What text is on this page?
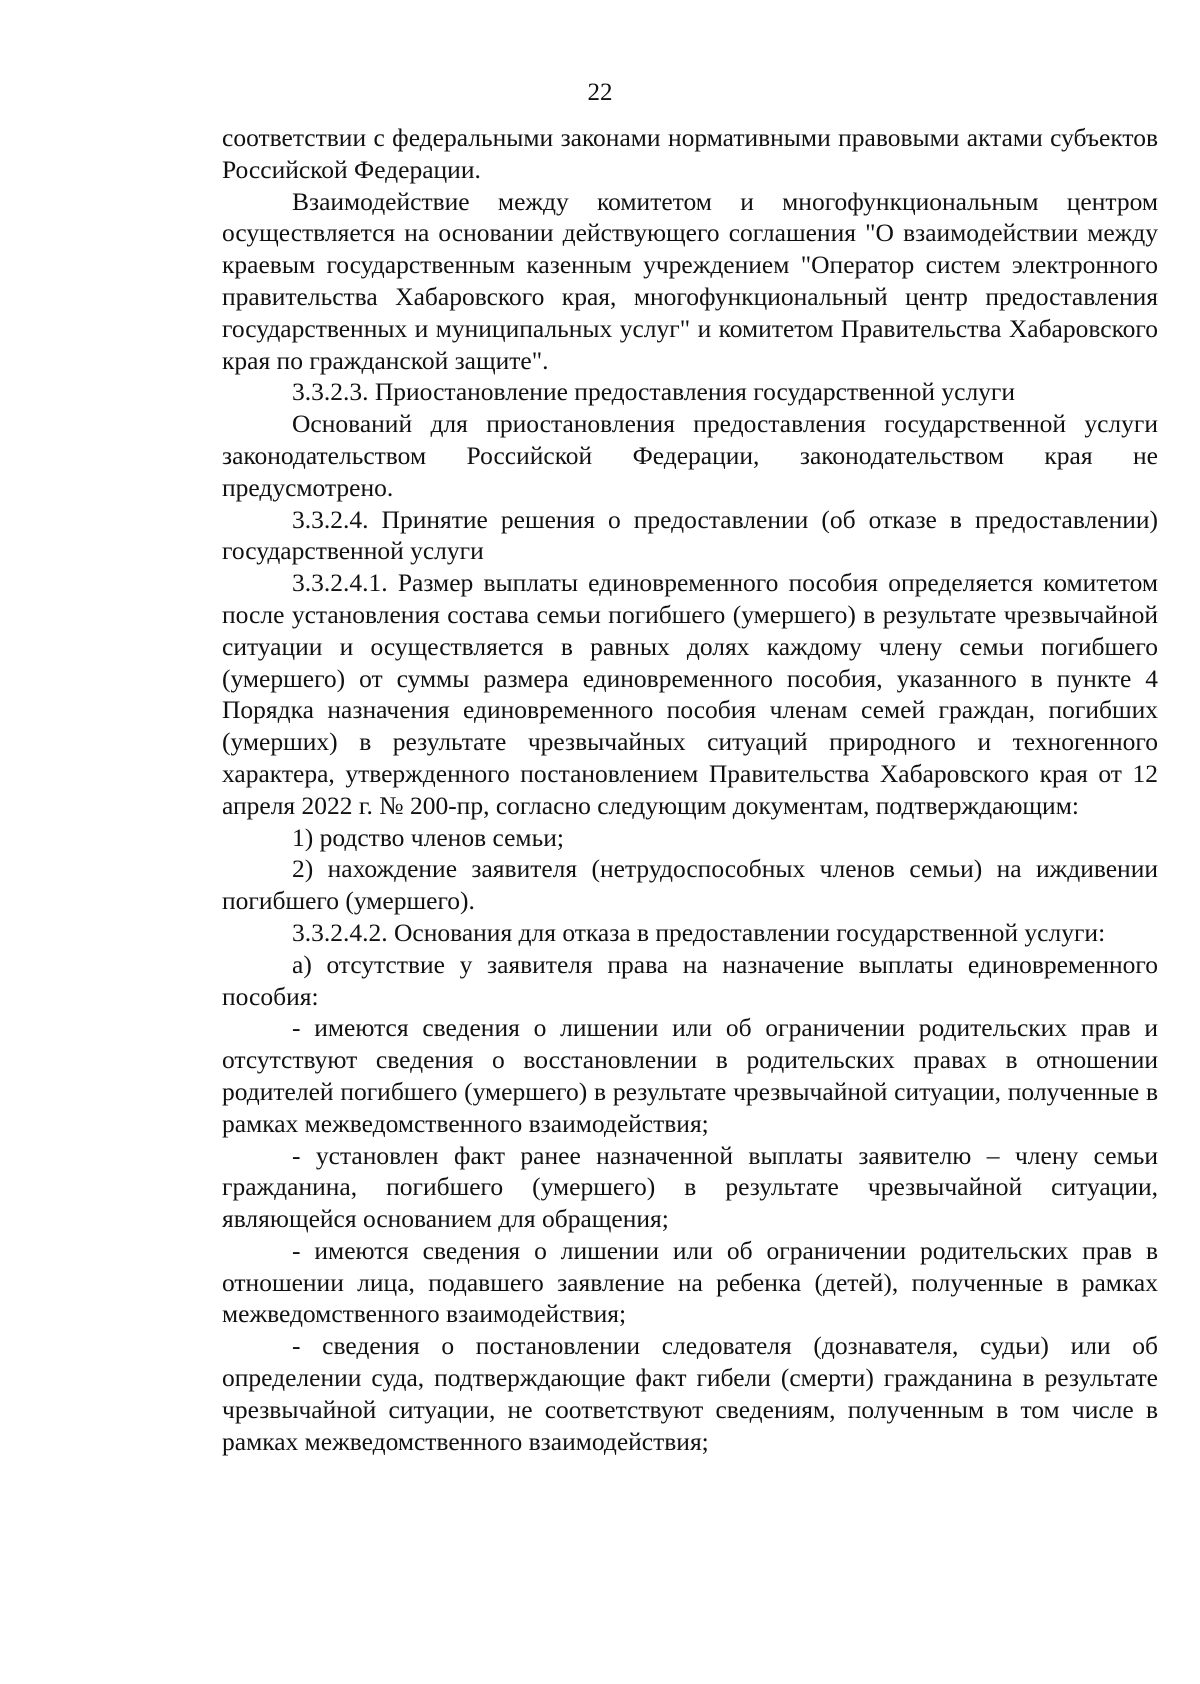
22

соответствии с федеральными законами нормативными правовыми актами субъектов Российской Федерации.

Взаимодействие между комитетом и многофункциональным центром осуществляется на основании действующего соглашения "О взаимодействии между краевым государственным казенным учреждением "Оператор систем электронного правительства Хабаровского края, многофункциональный центр предоставления государственных и муниципальных услуг" и комитетом Правительства Хабаровского края по гражданской защите".

3.3.2.3. Приостановление предоставления государственной услуги

Оснований для приостановления предоставления государственной услуги законодательством Российской Федерации, законодательством края не предусмотрено.

3.3.2.4. Принятие решения о предоставлении (об отказе в предоставлении) государственной услуги

3.3.2.4.1. Размер выплаты единовременного пособия определяется комитетом после установления состава семьи погибшего (умершего) в результате чрезвычайной ситуации и осуществляется в равных долях каждому члену семьи погибшего (умершего) от суммы размера единовременного пособия, указанного в пункте 4 Порядка назначения единовременного пособия членам семей граждан, погибших (умерших) в результате чрезвычайных ситуаций природного и техногенного характера, утвержденного постановлением Правительства Хабаровского края от 12 апреля 2022 г. № 200-пр, согласно следующим документам, подтверждающим:

1) родство членов семьи;

2) нахождение заявителя (нетрудоспособных членов семьи) на иждивении погибшего (умершего).

3.3.2.4.2. Основания для отказа в предоставлении государственной услуги:

а) отсутствие у заявителя права на назначение выплаты единовременного пособия:

- имеются сведения о лишении или об ограничении родительских прав и отсутствуют сведения о восстановлении в родительских правах в отношении родителей погибшего (умершего) в результате чрезвычайной ситуации, полученные в рамках межведомственного взаимодействия;

- установлен факт ранее назначенной выплаты заявителю – члену семьи гражданина, погибшего (умершего) в результате чрезвычайной ситуации, являющейся основанием для обращения;

- имеются сведения о лишении или об ограничении родительских прав в отношении лица, подавшего заявление на ребенка (детей), полученные в рамках межведомственного взаимодействия;

- сведения о постановлении следователя (дознавателя, судьи) или об определении суда, подтверждающие факт гибели (смерти) гражданина в результате чрезвычайной ситуации, не соответствуют сведениям, полученным в том числе в рамках межведомственного взаимодействия;
